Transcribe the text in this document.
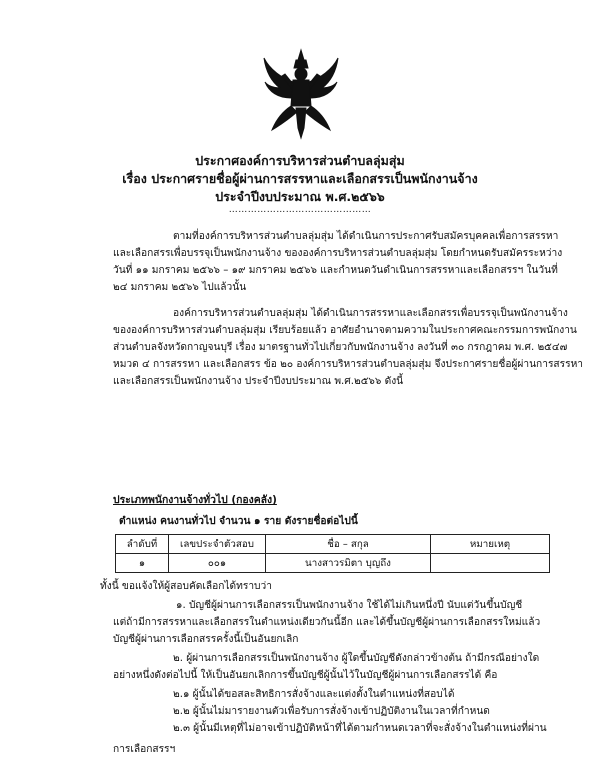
ประกาศองค์การบริหารส่วนตำบลลุ่มสุ่ม
เรื่อง ประกาศรายชื่อผู้ผ่านการสรรหาและเลือกสรรเป็นพนักงานจ้าง
ประจำปีงบประมาณ พ.ศ.๒๕๖๖
………………………………………
ตามที่องค์การบริหารส่วนตำบลลุ่มสุ่ม ได้ดำเนินการประกาศรับสมัครบุคคลเพื่อการสรรหา
และเลือกสรรเพื่อบรรจุเป็นพนักงานจ้าง ขององค์การบริหารส่วนตำบลลุ่มสุ่ม โดยกำหนดรับสมัครระหว่าง
วันที่ ๑๑ มกราคม ๒๕๖๖ – ๑๙ มกราคม ๒๕๖๖ และกำหนดวันดำเนินการสรรหาและเลือกสรรฯ ในวันที่
๒๔ มกราคม ๒๕๖๖ ไปแล้วนั้น
องค์การบริหารส่วนตำบลลุ่มสุ่ม ได้ดำเนินการสรรหาและเลือกสรรเพื่อบรรจุเป็นพนักงานจ้าง
ขององค์การบริหารส่วนตำบลลุ่มสุ่ม เรียบร้อยแล้ว อาศัยอำนาจตามความในประกาศคณะกรรมการพนักงาน
ส่วนตำบลจังหวัดกาญจนบุรี เรื่อง มาตรฐานทั่วไปเกี่ยวกับพนักงานจ้าง ลงวันที่ ๓๐ กรกฎาคม พ.ศ. ๒๕๔๗
หมวด ๔ การสรรหา และเลือกสรร ข้อ ๒๐ องค์การบริหารส่วนตำบลลุ่มสุ่ม จึงประกาศรายชื่อผู้ผ่านการสรรหา
และเลือกสรรเป็นพนักงานจ้าง ประจำปีงบประมาณ พ.ศ.๒๕๖๖ ดังนี้
ประเภทพนักงานจ้างทั่วไป (กองคลัง)
ตำแหน่ง คนงานทั่วไป จำนวน ๑ ราย ดังรายชื่อต่อไปนี้
ลำดับที่	เลขประจำตัวสอบ	ชื่อ – สกุล	หมายเหตุ
๑	๐๐๑	นางสาวรมิตา บุญถึง	
ทั้งนี้ ขอแจ้งให้ผู้สอบคัดเลือกได้ทราบว่า
๑. บัญชีผู้ผ่านการเลือกสรรเป็นพนักงานจ้าง ใช้ได้ไม่เกินหนึ่งปี นับแต่วันขึ้นบัญชี
แต่ถ้ามีการสรรหาและเลือกสรรในตำแหน่งเดียวกันนี้อีก และได้ขึ้นบัญชีผู้ผ่านการเลือกสรรใหม่แล้ว
บัญชีผู้ผ่านการเลือกสรรครั้งนี้เป็นอันยกเลิก
๒. ผู้ผ่านการเลือกสรรเป็นพนักงานจ้าง ผู้ใดขึ้นบัญชีดังกล่าวข้างต้น ถ้ามีกรณีอย่างใด
อย่างหนึ่งดังต่อไปนี้ ให้เป็นอันยกเลิกการขึ้นบัญชีผู้นั้นไว้ในบัญชีผู้ผ่านการเลือกสรรได้ คือ
๒.๑ ผู้นั้นได้ขอสละสิทธิการสั่งจ้างและแต่งตั้งในตำแหน่งที่สอบได้
๒.๒ ผู้นั้นไม่มารายงานตัวเพื่อรับการสั่งจ้างเข้าปฏิบัติงานในเวลาที่กำหนด
๒.๓ ผู้นั้นมีเหตุที่ไม่อาจเข้าปฏิบัติหน้าที่ได้ตามกำหนดเวลาที่จะสั่งจ้างในตำแหน่งที่ผ่าน
การเลือกสรรฯ
